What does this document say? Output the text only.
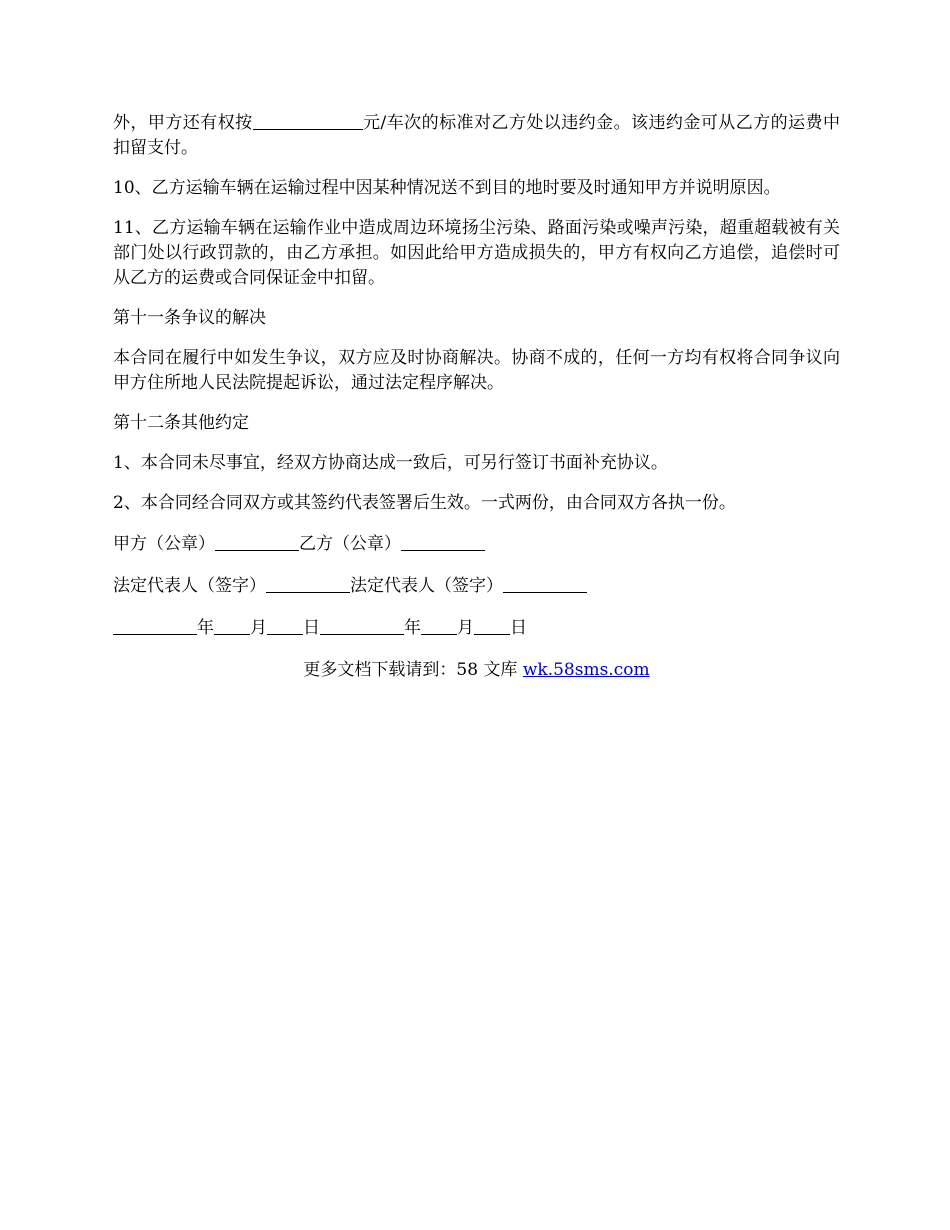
外，甲方还有权按	元/车次的标准对乙方处以违约金。该违约金可从乙方的运费中扣留支付。

10、乙方运输车辆在运输过程中因某种情况送不到目的地时要及时通知甲方并说明原因。

11、乙方运输车辆在运输作业中造成周边环境扬尘污染、路面污染或噪声污染，超重超载被有关部门处以行政罚款的，由乙方承担。如因此给甲方造成损失的，甲方有权向乙方追偿，追偿时可从乙方的运费或合同保证金中扣留。

第十一条争议的解决

本合同在履行中如发生争议，双方应及时协商解决。协商不成的，任何一方均有权将合同争议向甲方住所地人民法院提起诉讼，通过法定程序解决。

第十二条其他约定

1、本合同未尽事宜，经双方协商达成一致后，可另行签订书面补充协议。

2、本合同经合同双方或其签约代表签署后生效。一式两份，由合同双方各执一份。

甲方（公章）	乙方（公章）

法定代表人（签字）	法定代表人（签字）

年 月 日	年 月 日

更多文档下载请到：58 文库 wk.58sms.com
